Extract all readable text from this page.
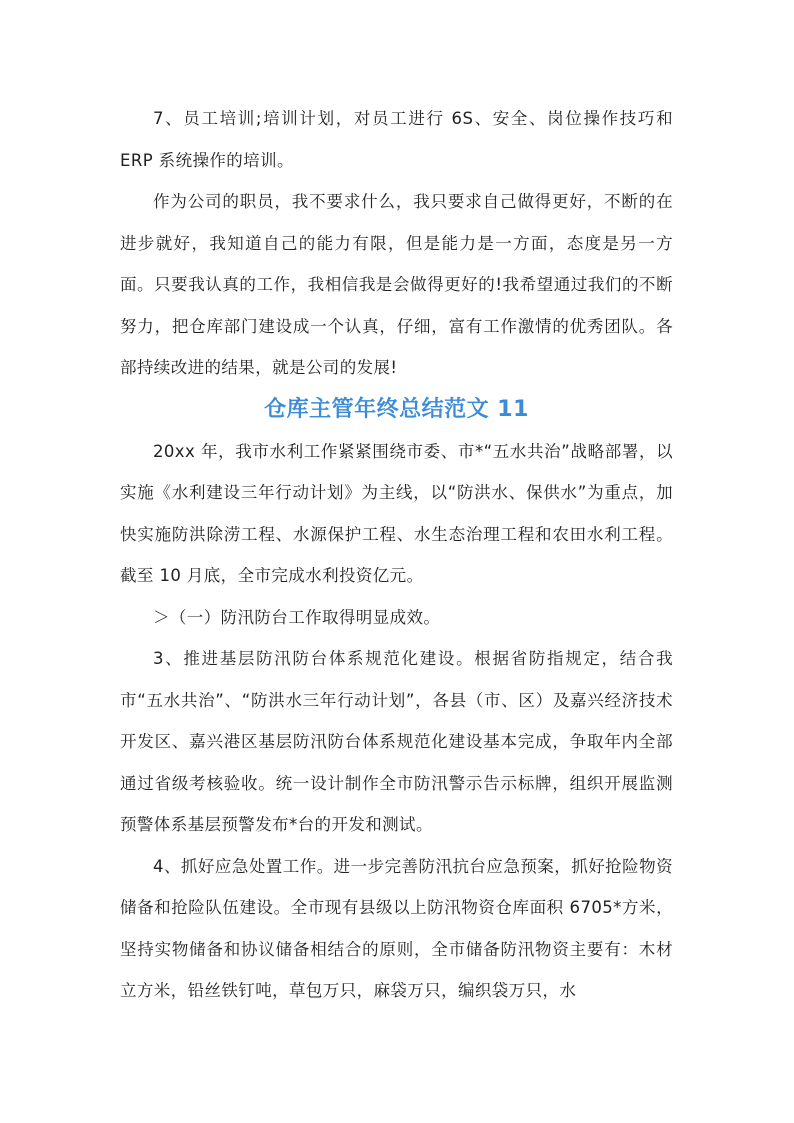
7、员工培训;培训计划，对员工进行 6S、安全、岗位操作技巧和 ERP 系统操作的培训。

作为公司的职员，我不要求什么，我只要求自己做得更好，不断的在进步就好，我知道自己的能力有限，但是能力是一方面，态度是另一方面。只要我认真的工作，我相信我是会做得更好的!我希望通过我们的不断努力，把仓库部门建设成一个认真，仔细，富有工作激情的优秀团队。各部持续改进的结果，就是公司的发展!

仓库主管年终总结范文 11

20xx 年，我市水利工作紧紧围绕市委、市*“五水共治”战略部署，以实施《水利建设三年行动计划》为主线，以“防洪水、保供水”为重点，加快实施防洪除涝工程、水源保护工程、水生态治理工程和农田水利工程。截至 10 月底，全市完成水利投资亿元。

＞（一）防汛防台工作取得明显成效。

3、推进基层防汛防台体系规范化建设。根据省防指规定，结合我市“五水共治”、“防洪水三年行动计划”，各县（市、区）及嘉兴经济技术开发区、嘉兴港区基层防汛防台体系规范化建设基本完成，争取年内全部通过省级考核验收。统一设计制作全市防汛警示告示标牌，组织开展监测预警体系基层预警发布*台的开发和测试。

4、抓好应急处置工作。进一步完善防汛抗台应急预案，抓好抢险物资储备和抢险队伍建设。全市现有县级以上防汛物资仓库面积 6705*方米，坚持实物储备和协议储备相结合的原则，全市储备防汛物资主要有：木材立方米，铅丝铁钉吨，草包万只，麻袋万只，编织袋万只，水
